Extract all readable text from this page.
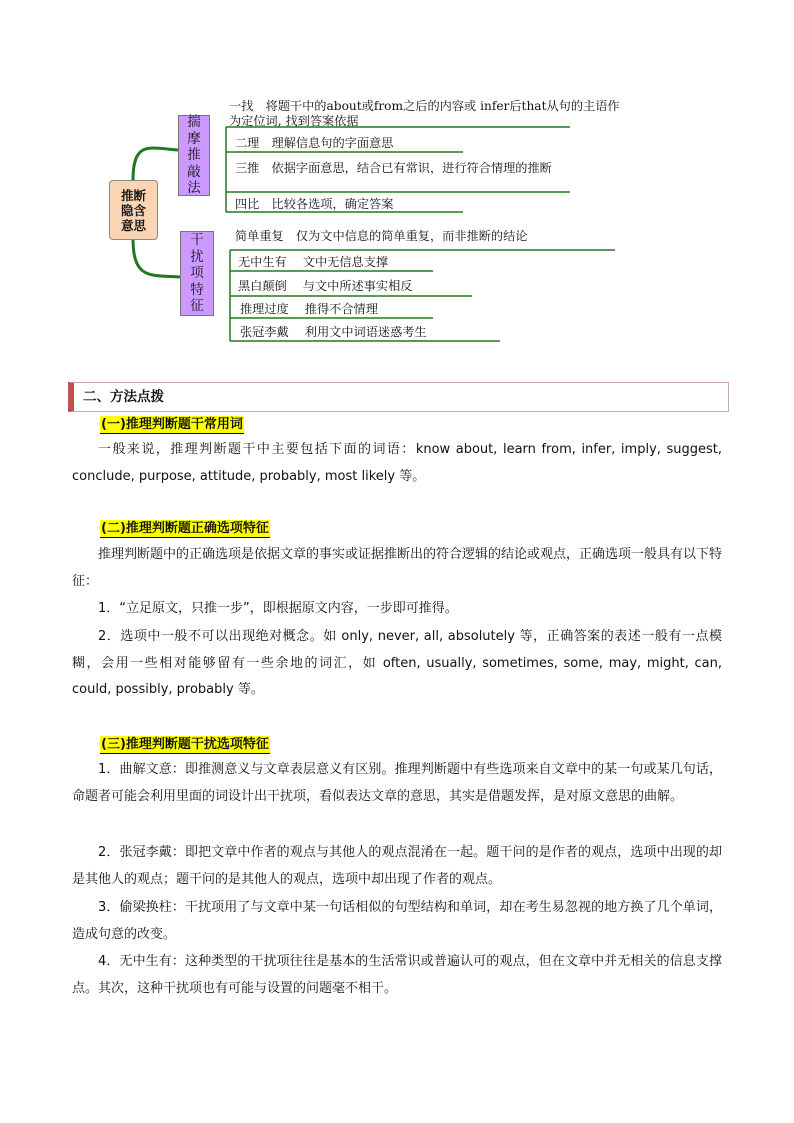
推断
隐含
意思
揣
摩
推
敲
法
干
扰
项
特
征
一找　将题干中的about或from之后的内容或 infer后that从句的主语作为定位词, 找到答案依据
二理　理解信息句的字面意思
三推　依据字面意思，结合已有常识，进行符合情理的推断
四比　比较各选项，确定答案
简单重复　仅为文中信息的简单重复，而非推断的结论
无中生有　 文中无信息支撑
黑白颠倒　 与文中所述事实相反
推理过度　 推得不合情理
张冠李戴　 利用文中词语迷惑考生
二、方法点拨
(一)推理判断题干常用词

一般来说，推理判断题干中主要包括下面的词语：know about, learn from, infer, imply, suggest, conclude, purpose, attitude, probably, most likely 等。

(二)推理判断题正确选项特征

推理判断题中的正确选项是依据文章的事实或证据推断出的符合逻辑的结论或观点，正确选项一般具有以下特征：

1．“立足原文，只推一步”，即根据原文内容，一步即可推得。

2．选项中一般不可以出现绝对概念。如 only, never, all, absolutely 等，正确答案的表述一般有一点模糊，会用一些相对能够留有一些余地的词汇，如 often, usually, sometimes, some, may, might, can, could, possibly, probably 等。

(三)推理判断题干扰选项特征

1．曲解文意：即推测意义与文章表层意义有区别。推理判断题中有些选项来自文章中的某一句或某几句话，命题者可能会利用里面的词设计出干扰项，看似表达文章的意思，其实是借题发挥，是对原文意思的曲解。

2．张冠李戴：即把文章中作者的观点与其他人的观点混淆在一起。题干问的是作者的观点，选项中出现的却是其他人的观点；题干问的是其他人的观点，选项中却出现了作者的观点。

3．偷梁换柱：干扰项用了与文章中某一句话相似的句型结构和单词，却在考生易忽视的地方换了几个单词，造成句意的改变。

4．无中生有：这种类型的干扰项往往是基本的生活常识或普遍认可的观点，但在文章中并无相关的信息支撑点。其次，这种干扰项也有可能与设置的问题毫不相干。
